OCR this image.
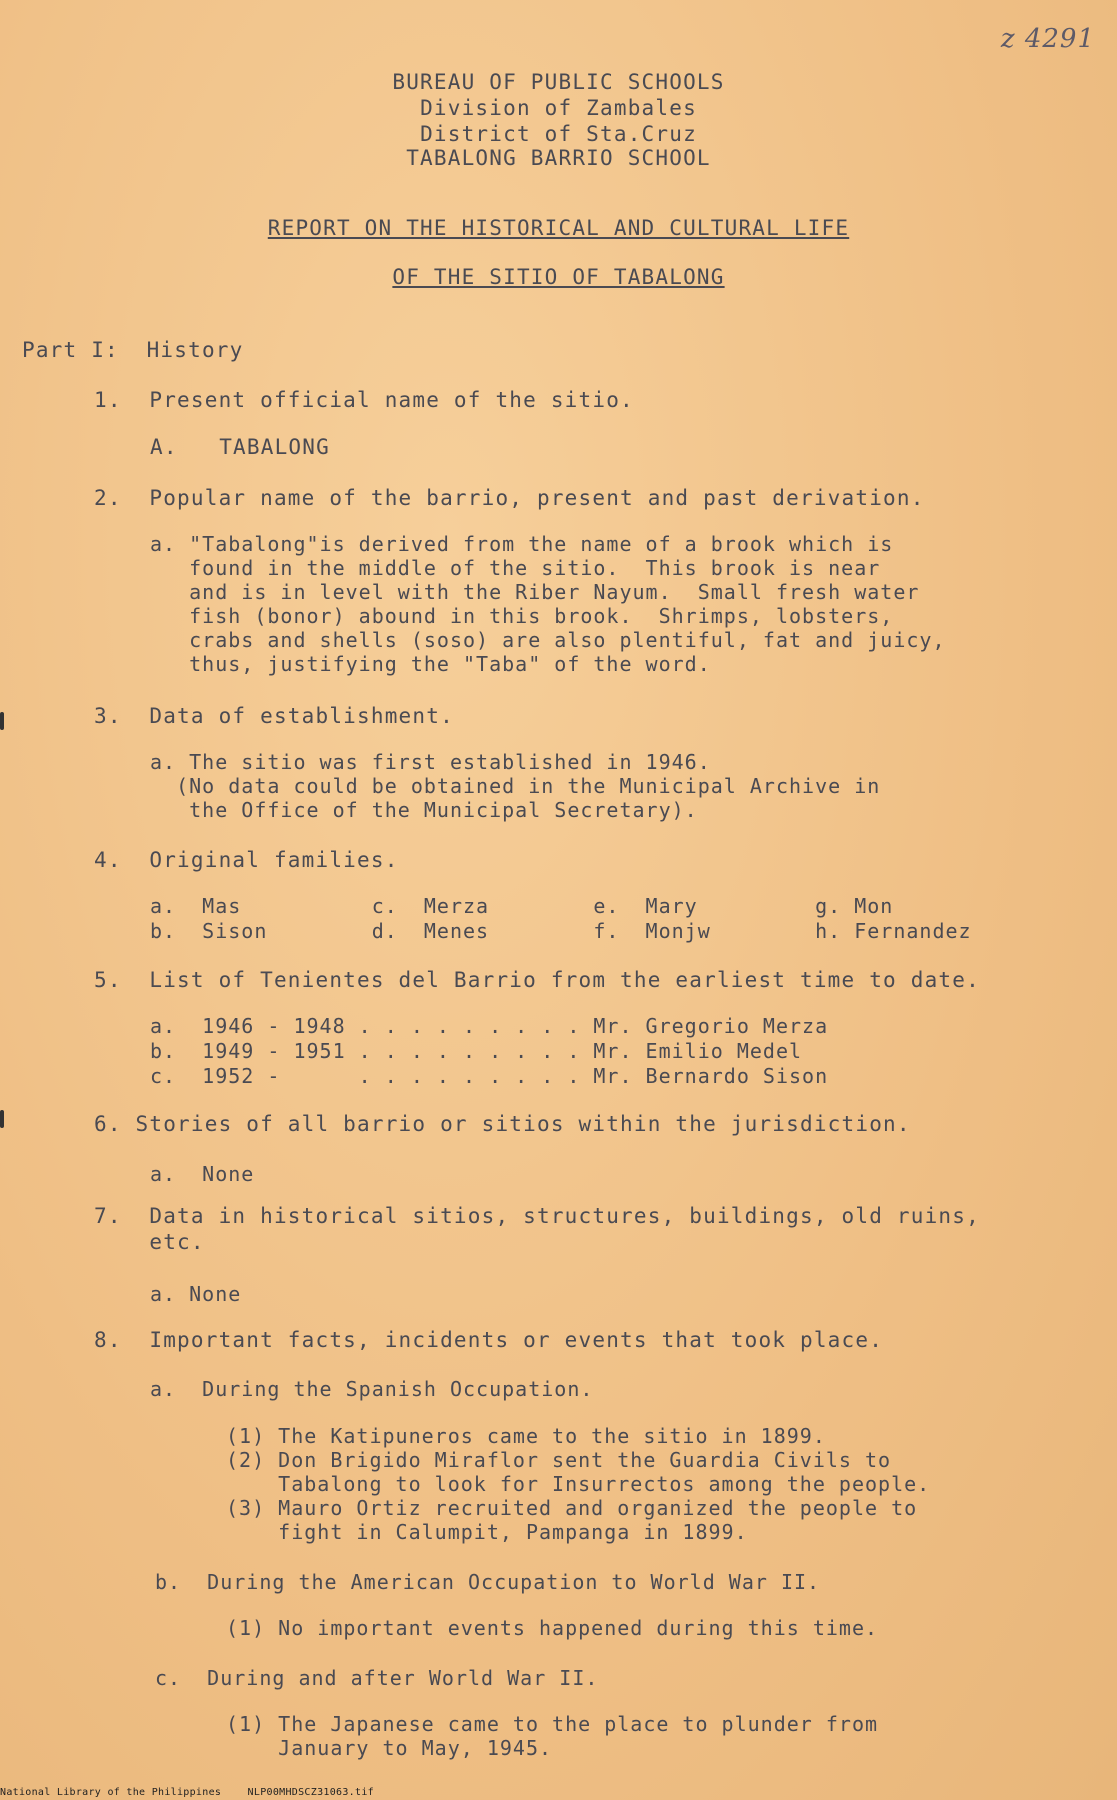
z 4291
BUREAU OF PUBLIC SCHOOLS
Division of Zambales
District of Sta.Cruz
TABALONG BARRIO SCHOOL
REPORT ON THE HISTORICAL AND CULTURAL LIFE
OF THE SITIO OF TABALONG
Part I:  History
1.  Present official name of the sitio.
A.   TABALONG
2.  Popular name of the barrio, present and past derivation.
a. "Tabalong"is derived from the name of a brook which is
found in the middle of the sitio.  This brook is near
and is in level with the Riber Nayum.  Small fresh water
fish (bonor) abound in this brook.  Shrimps, lobsters,
crabs and shells (soso) are also plentiful, fat and juicy,
thus, justifying the "Taba" of the word.
3.  Data of establishment.
a. The sitio was first established in 1946.
(No data could be obtained in the Municipal Archive in
the Office of the Municipal Secretary).
4.  Original families.
a.  Mas          c.  Merza        e.  Mary         g. Mon
b.  Sison        d.  Menes        f.  Monjw        h. Fernandez
5.  List of Tenientes del Barrio from the earliest time to date.
a.  1946 - 1948 . . . . . . . . . Mr. Gregorio Merza
b.  1949 - 1951 . . . . . . . . . Mr. Emilio Medel
c.  1952 -      . . . . . . . . . Mr. Bernardo Sison
6. Stories of all barrio or sitios within the jurisdiction.
a.  None
7.  Data in historical sitios, structures, buildings, old ruins,
etc.
a. None
8.  Important facts, incidents or events that took place.
a.  During the Spanish Occupation.
(1) The Katipuneros came to the sitio in 1899.
(2) Don Brigido Miraflor sent the Guardia Civils to
Tabalong to look for Insurrectos among the people.
(3) Mauro Ortiz recruited and organized the people to
fight in Calumpit, Pampanga in 1899.
b.  During the American Occupation to World War II.
(1) No important events happened during this time.
c.  During and after World War II.
(1) The Japanese came to the place to plunder from
January to May, 1945.
National Library of the Philippines	NLP00MHDSCZ31063.tif
